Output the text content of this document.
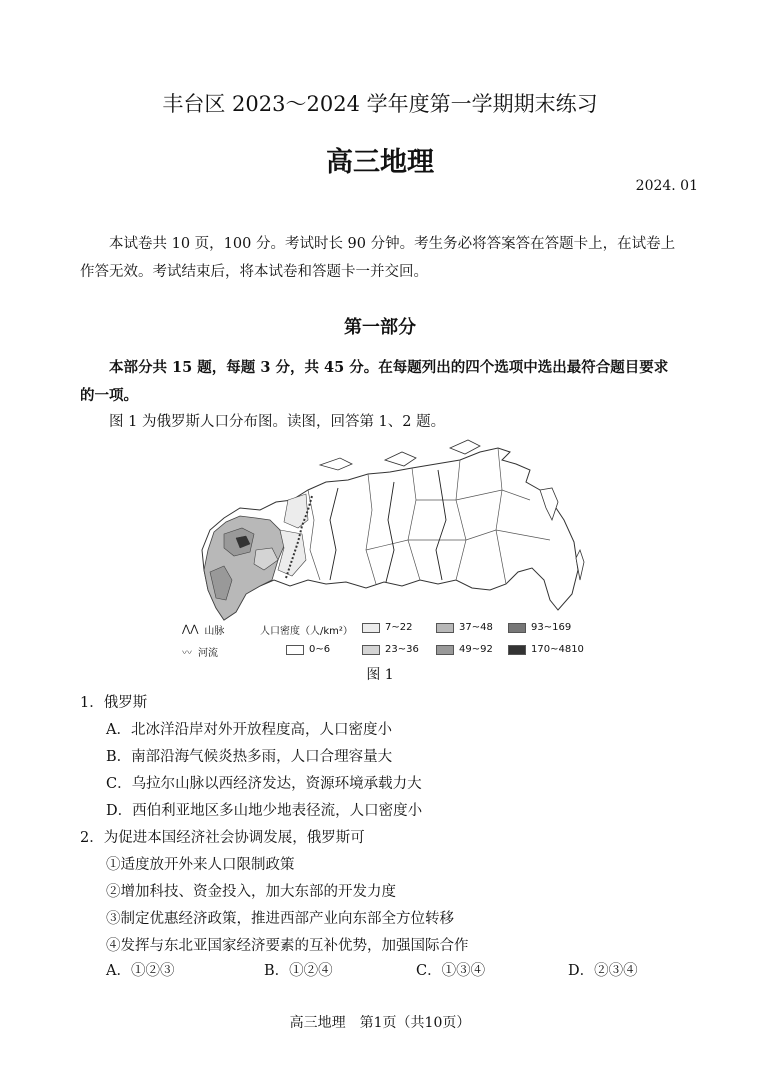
丰台区 2023～2024 学年度第一学期期末练习
高三地理
2024. 01
本试卷共 10 页，100 分。考试时长 90 分钟。考生务必将答案答在答题卡上，在试卷上作答无效。考试结束后，将本试卷和答题卡一并交回。
第一部分
本部分共 15 题，每题 3 分，共 45 分。在每题列出的四个选项中选出最符合题目要求的一项。
图 1 为俄罗斯人口分布图。读图，回答第 1、2 题。
⋀⋀ 山脉
〰 河流
人口密度（人/km²）
0~6
7~22
23~36
37~48
49~92
93~169
170~4810
图 1
1．俄罗斯
A．北冰洋沿岸对外开放程度高，人口密度小
B．南部沿海气候炎热多雨，人口合理容量大
C．乌拉尔山脉以西经济发达，资源环境承载力大
D．西伯利亚地区多山地少地表径流，人口密度小
2．为促进本国经济社会协调发展，俄罗斯可
①适度放开外来人口限制政策
②增加科技、资金投入，加大东部的开发力度
③制定优惠经济政策，推进西部产业向东部全方位转移
④发挥与东北亚国家经济要素的互补优势，加强国际合作
A．①②③	B．①②④	C．①③④	D．②③④
高三地理　第1页（共10页）
